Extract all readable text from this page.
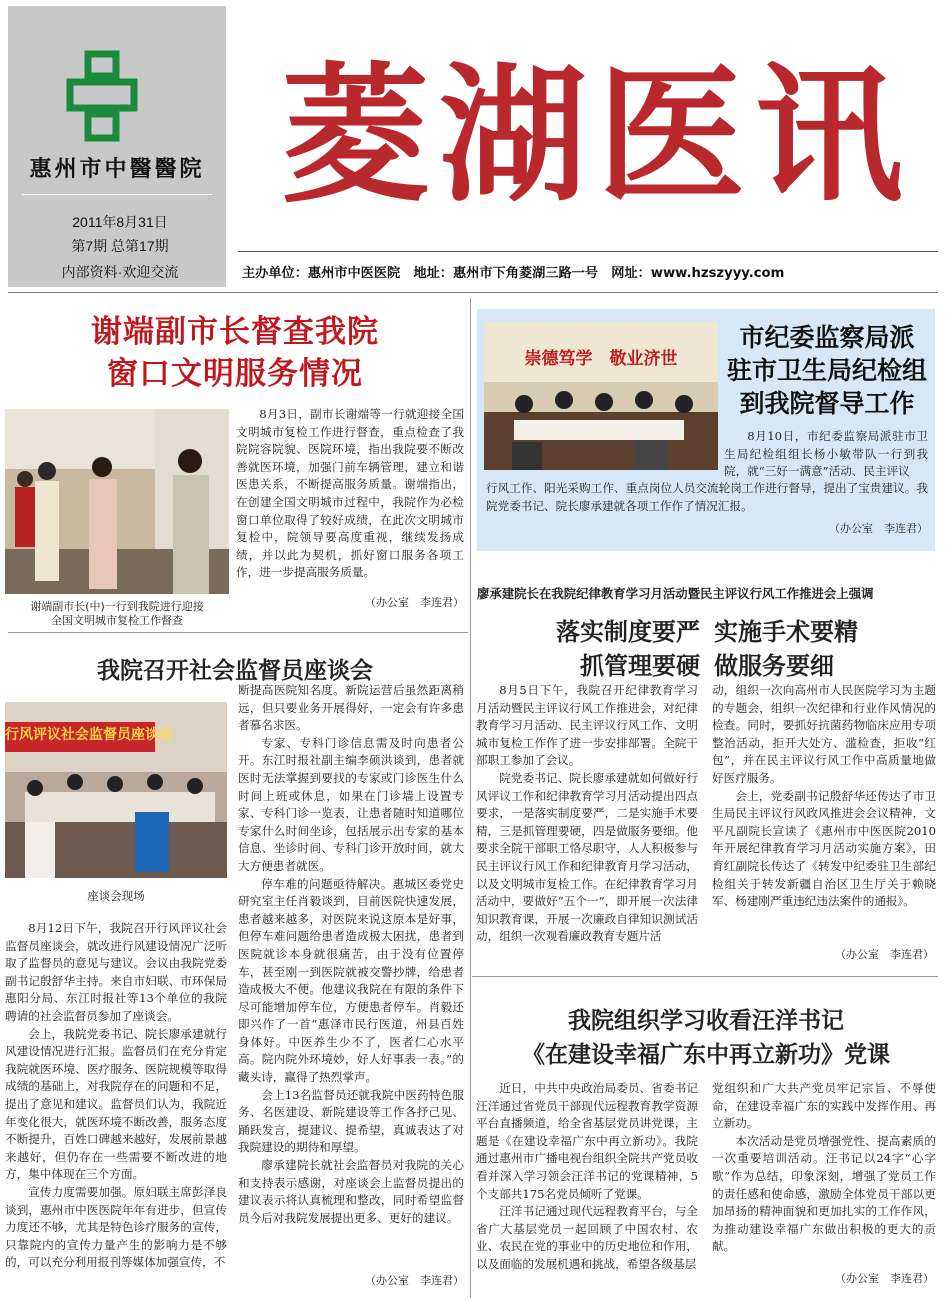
惠州市中醫醫院
2011年8月31日
第7期 总第17期
内部资料·欢迎交流
菱湖医讯
主办单位：惠州市中医医院　地址：惠州市下角菱湖三路一号　网址：www.hzszyyy.com
谢端副市长督查我院
窗口文明服务情况
谢端副市长(中)一行到我院进行迎接
全国文明城市复检工作督查

8月3日，副市长谢端等一行就迎接全国文明城市复检工作进行督查，重点检查了我院院容院貌、医院环境，指出我院要不断改善就医环境，加强门前车辆管理，建立和谐医患关系，不断提高服务质量。谢端指出，在创建全国文明城市过程中，我院作为必检窗口单位取得了较好成绩，在此次文明城市复检中，院领导要高度重视，继续发扬成绩，并以此为契机，抓好窗口服务各项工作，进一步提高服务质量。

（办公室　李连君）
崇德笃学　敬业济世
市纪委监察局派
驻市卫生局纪检组
到我院督导工作

8月10日，市纪委监察局派驻市卫生局纪检组组长杨小敏带队一行到我院，就“三好一满意”活动、民主评议

行风工作、阳光采购工作、重点岗位人员交流轮岗工作进行督导，提出了宝贵建议。我院党委书记、院长廖承建就各项工作作了情况汇报。

（办公室　李连君）
廖承建院长在我院纪律教育学习月活动暨民主评议行风工作推进会上强调
落实制度要严
抓管理要硬
实施手术要精
做服务要细

8月5日下午，我院召开纪律教育学习月活动暨民主评议行风工作推进会，对纪律教育学习月活动、民主评议行风工作、文明城市复检工作作了进一步安排部署。全院干部职工参加了会议。

院党委书记、院长廖承建就如何做好行风评议工作和纪律教育学习月活动提出四点要求，一是落实制度要严，二是实施手术要精，三是抓管理要硬，四是做服务要细。他要求全院干部职工恪尽职守，人人积极参与民主评议行风工作和纪律教育月学习活动，以及文明城市复检工作。在纪律教育学习月活动中，要做好“五个一”，即开展一次法律知识教育课，开展一次廉政自律知识测试活动，组织一次观看廉政教育专题片活

动，组织一次向高州市人民医院学习为主题的专题会，组织一次纪律和行业作风情况的检查。同时，要抓好抗菌药物临床应用专项整治活动，拒开大处方、滥检查，拒收“红包”，并在民主评议行风工作中高质量地做好医疗服务。

会上，党委副书记殷舒华还传达了市卫生局民主评议行风政风推进会会议精神，文平凡副院长宣读了《惠州市中医医院2010年开展纪律教育学习月活动实施方案》，田育红副院长传达了《转发中纪委驻卫生部纪检组关于转发新疆自治区卫生厅关于赖晓军、杨建刚严重违纪违法案件的通报》。

（办公室　李连君）
我院召开社会监督员座谈会
行风评议社会监督员座谈会
座谈会现场

8月12日下午，我院召开行风评议社会监督员座谈会，就改进行风建设情况广泛听取了监督员的意见与建议。会议由我院党委副书记殷舒华主持。来自市妇联、市环保局惠阳分局、东江时报社等13个单位的我院聘请的社会监督员参加了座谈会。

会上，我院党委书记、院长廖承建就行风建设情况进行汇报。监督员们在充分肯定我院就医环境、医疗服务、医院规模等取得成绩的基础上，对我院存在的问题和不足，提出了意见和建议。监督员们认为，我院近年变化很大，就医环境不断改善，服务态度不断提升，百姓口碑越来越好，发展前景越来越好，但仍存在一些需要不断改进的地方，集中体现在三个方面。

宣传力度需要加强。原妇联主席彭泽良谈到，惠州市中医医院年年有进步，但宣传力度还不够，尤其是特色诊疗服务的宣传，只靠院内的宣传力量产生的影响力是不够的，可以充分利用报刊等媒体加强宣传，不

断提高医院知名度。新院运营后虽然距离稍远，但只要业务开展得好，一定会有许多患者慕名求医。

专家、专科门诊信息需及时向患者公开。东江时报社副主编李硕洪谈到，患者就医时无法掌握到要找的专家或门诊医生什么时间上班或休息，如果在门诊墙上设置专家、专科门诊一览表，让患者随时知道哪位专家什么时间坐诊，包括展示出专家的基本信息、坐诊时间、专科门诊开放时间，就大大方便患者就医。

停车难的问题亟待解决。惠城区委党史研究室主任肖毅谈到，目前医院快速发展，患者越来越多，对医院来说这原本是好事，但停车难问题给患者造成极大困扰，患者到医院就诊本身就很痛苦，由于没有位置停车，甚至刚一到医院就被交警抄牌，给患者造成极大不便。他建议我院在有限的条件下尽可能增加停车位，方便患者停车。肖毅还即兴作了一首“惠泽市民行医道，州县百姓身体好。中医养生少不了，医者仁心水平高。院内院外环境妙，好人好事表一表。”的藏头诗，赢得了热烈掌声。

会上13名监督员还就我院中医药特色服务、名医建设、新院建设等工作各抒己见、踊跃发言，提建议、提希望，真诚表达了对我院建设的期待和厚望。

廖承建院长就社会监督员对我院的关心和支持表示感谢，对座谈会上监督员提出的建议表示将认真梳理和整改，同时希望监督员今后对我院发展提出更多、更好的建议。

（办公室　李连君）
我院组织学习收看汪洋书记
《在建设幸福广东中再立新功》党课

近日，中共中央政治局委员、省委书记汪洋通过省党员干部现代远程教育教学资源平台直播频道，给全省基层党员讲党课，主题是《在建设幸福广东中再立新功》。我院通过惠州市广播电视台组织全院共产党员收看并深入学习领会汪洋书记的党课精神，5个支部共175名党员倾听了党课。

汪洋书记通过现代远程教育平台，与全省广大基层党员一起回顾了中国农村、农业、农民在党的事业中的历史地位和作用，以及面临的发展机遇和挑战，希望各级基层

党组织和广大共产党员牢记宗旨、不辱使命，在建设幸福广东的实践中发挥作用、再立新功。

本次活动是党员增强党性、提高素质的一次重要培训活动。汪书记以24字“心字歌”作为总结，印象深刻，增强了党员工作的责任感和使命感，激励全体党员干部以更加昂扬的精神面貌和更加扎实的工作作风，为推动建设幸福广东做出积极的更大的贡献。

（办公室　李连君）
